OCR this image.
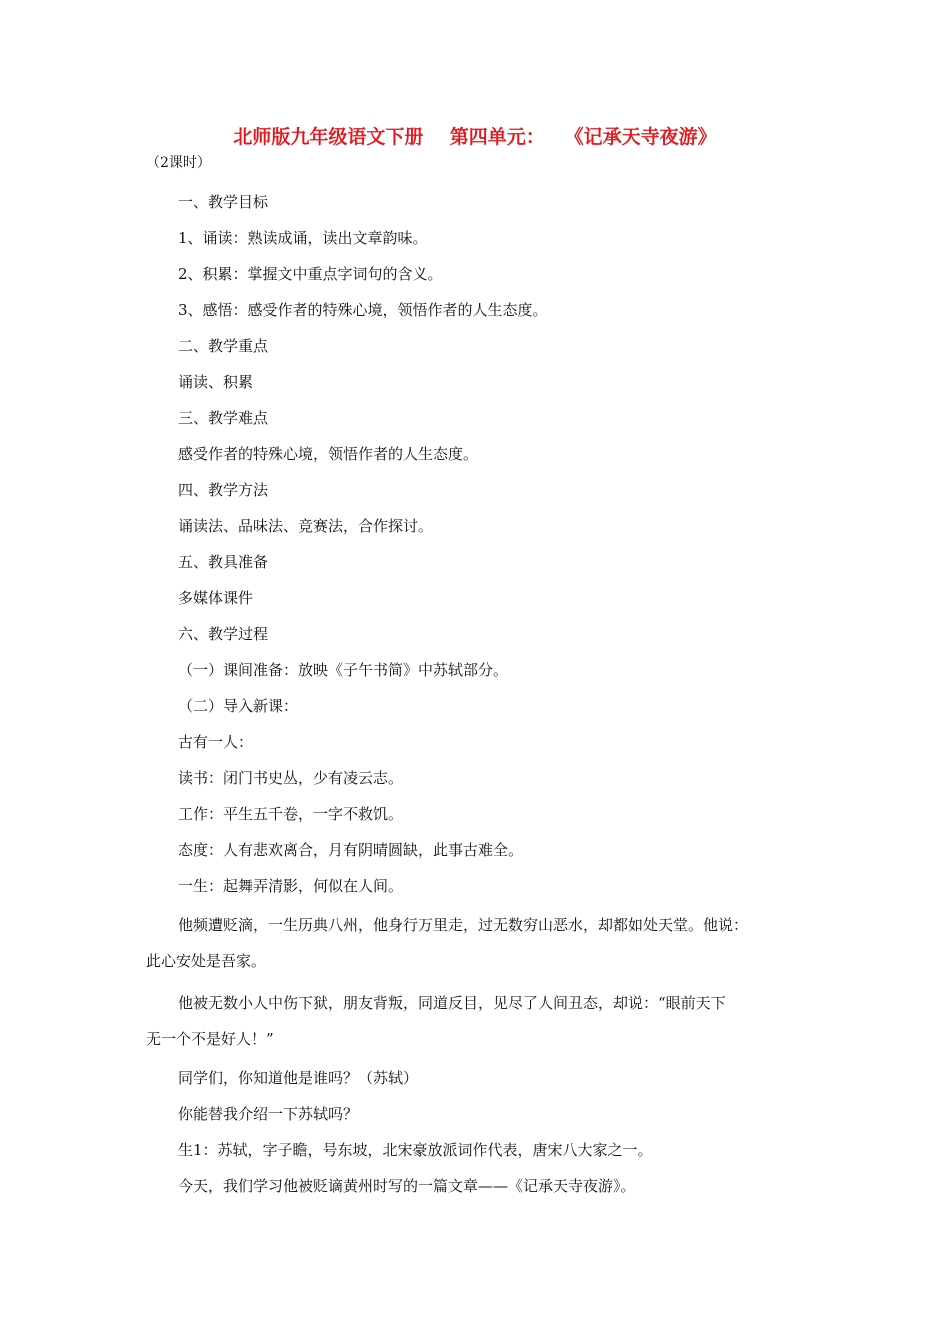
北师版九年级语文下册    第四单元：   《记承天寺夜游》
（2课时）
一、教学目标
1、诵读：熟读成诵，读出文章韵味。
2、积累：掌握文中重点字词句的含义。
3、感悟：感受作者的特殊心境，领悟作者的人生态度。
二、教学重点
诵读、积累
三、教学难点
感受作者的特殊心境，领悟作者的人生态度。
四、教学方法
诵读法、品味法、竞赛法，合作探讨。
五、教具准备
多媒体课件
六、教学过程
（一）课间准备：放映《子午书简》中苏轼部分。
（二）导入新课：
古有一人：
读书：闭门书史丛，少有凌云志。
工作：平生五千卷，一字不救饥。
态度：人有悲欢离合，月有阴晴圆缺，此事古难全。
一生：起舞弄清影，何似在人间。
他频遭贬滴，一生历典八州，他身行万里走，过无数穷山恶水，却都如处天堂。他说：
此心安处是吾家。
他被无数小人中伤下狱，朋友背叛，同道反目，见尽了人间丑态，却说：“眼前天下
无一个不是好人！”
同学们，你知道他是谁吗？（苏轼）
你能替我介绍一下苏轼吗？
生1：苏轼，字子瞻，号东坡，北宋豪放派词作代表，唐宋八大家之一。
今天，我们学习他被贬谪黄州时写的一篇文章——《记承天寺夜游》。
